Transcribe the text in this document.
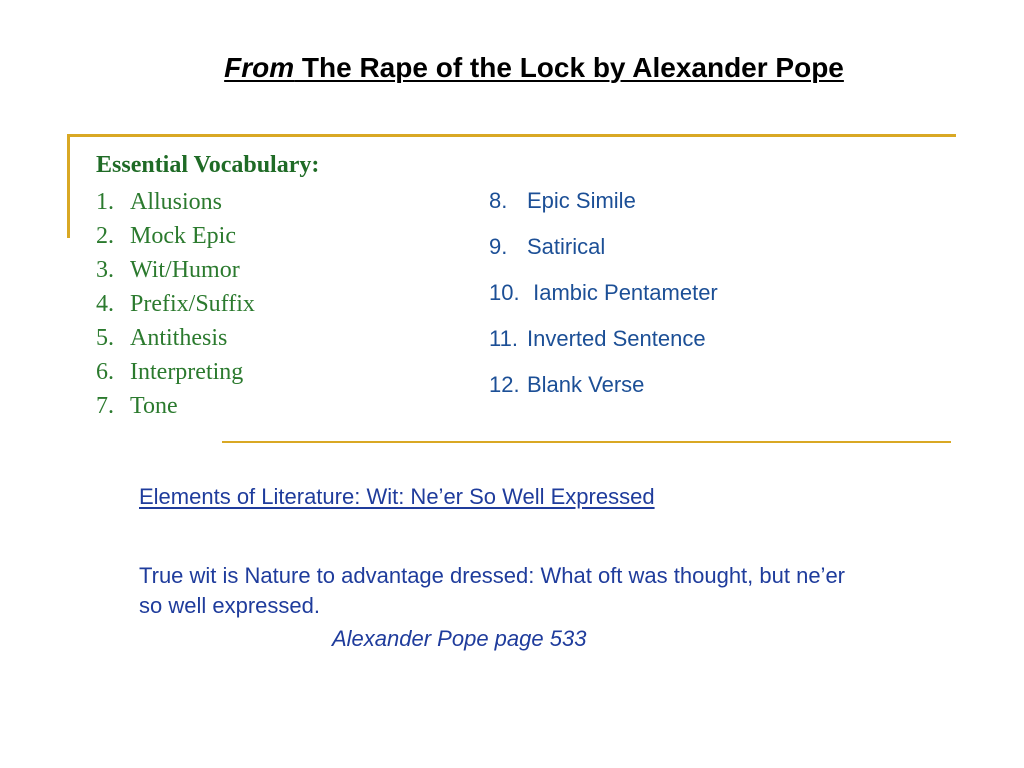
From The Rape of the Lock by Alexander Pope
Essential Vocabulary:
1. Allusions
2. Mock Epic
3. Wit/Humor
4. Prefix/Suffix
5. Antithesis
6. Interpreting
7. Tone
8. Epic Simile
9. Satirical
10. Iambic Pentameter
11. Inverted Sentence
12. Blank Verse
Elements of Literature: Wit: Ne’er So Well Expressed

True wit is Nature to advantage dressed: What oft was thought, but ne’er so well expressed.

Alexander Pope page 533
